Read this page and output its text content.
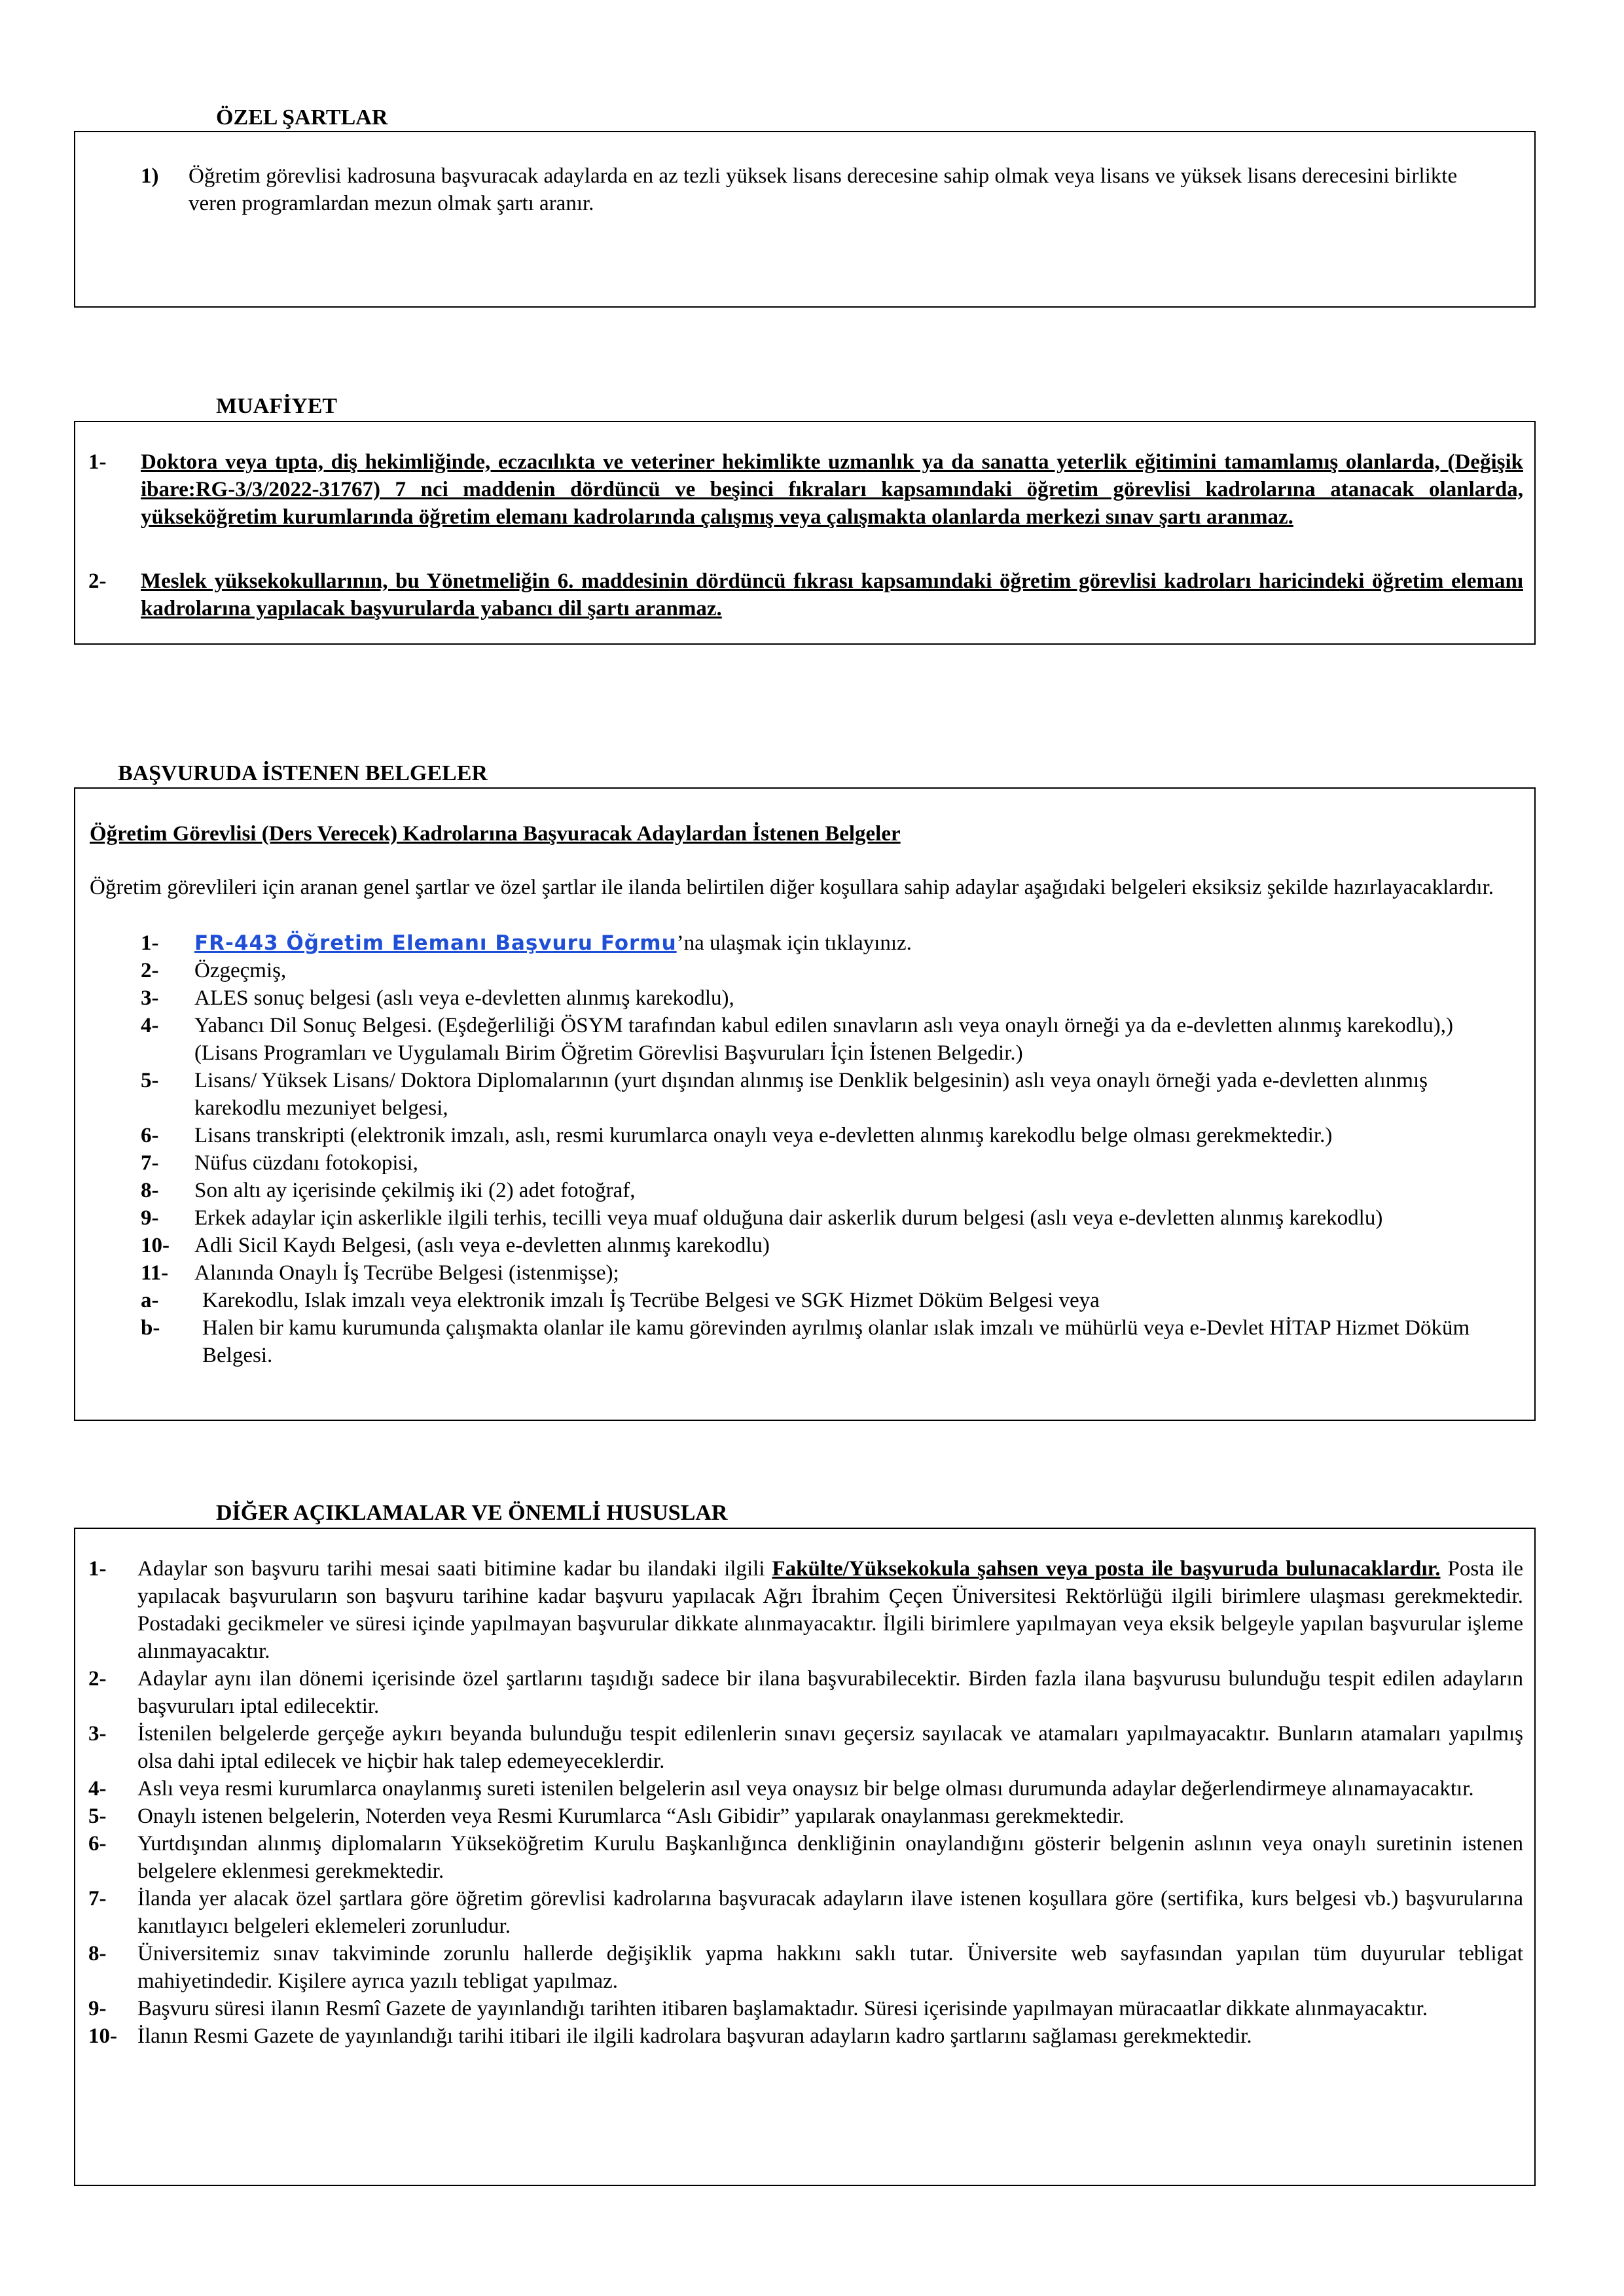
ÖZEL ŞARTLAR
1)	Öğretim görevlisi kadrosuna başvuracak adaylarda en az tezli yüksek lisans derecesine sahip olmak veya lisans ve yüksek lisans derecesini birlikte veren programlardan mezun olmak şartı aranır.
MUAFİYET
1-	Doktora veya tıpta, diş hekimliğinde, eczacılıkta ve veteriner hekimlikte uzmanlık ya da sanatta yeterlik eğitimini tamamlamış olanlarda, (Değişik ibare:RG-3/3/2022-31767) 7 nci maddenin dördüncü ve beşinci fıkraları kapsamındaki öğretim görevlisi kadrolarına atanacak olanlarda, yükseköğretim kurumlarında öğretim elemanı kadrolarında çalışmış veya çalışmakta olanlarda merkezi sınav şartı aranmaz.
2-	Meslek yüksekokullarının, bu Yönetmeliğin 6. maddesinin dördüncü fıkrası kapsamındaki öğretim görevlisi kadroları haricindeki öğretim elemanı kadrolarına yapılacak başvurularda yabancı dil şartı aranmaz.
BAŞVURUDA İSTENEN BELGELER
Öğretim Görevlisi (Ders Verecek) Kadrolarına Başvuracak Adaylardan İstenen Belgeler
Öğretim görevlileri için aranan genel şartlar ve özel şartlar ile ilanda belirtilen diğer koşullara sahip adaylar aşağıdaki belgeleri eksiksiz şekilde hazırlayacaklardır.
1-	FR-443 Öğretim Elemanı Başvuru Formu’na ulaşmak için tıklayınız.
2-	Özgeçmiş,
3-	ALES sonuç belgesi (aslı veya e-devletten alınmış karekodlu),
4-	Yabancı Dil Sonuç Belgesi. (Eşdeğerliliği ÖSYM tarafından kabul edilen sınavların aslı veya onaylı örneği ya da e-devletten alınmış karekodlu),) (Lisans Programları ve Uygulamalı Birim Öğretim Görevlisi Başvuruları İçin İstenen Belgedir.)
5-	Lisans/ Yüksek Lisans/ Doktora Diplomalarının (yurt dışından alınmış ise Denklik belgesinin) aslı veya onaylı örneği yada e-devletten alınmış karekodlu mezuniyet belgesi,
6-	Lisans transkripti (elektronik imzalı, aslı, resmi kurumlarca onaylı veya e-devletten alınmış karekodlu belge olması gerekmektedir.)
7-	Nüfus cüzdanı fotokopisi,
8-	Son altı ay içerisinde çekilmiş iki (2) adet fotoğraf,
9-	Erkek adaylar için askerlikle ilgili terhis, tecilli veya muaf olduğuna dair askerlik durum belgesi (aslı veya e-devletten alınmış karekodlu)
10-	Adli Sicil Kaydı Belgesi, (aslı veya e-devletten alınmış karekodlu)
11-	Alanında Onaylı İş Tecrübe Belgesi (istenmişse);
a-	Karekodlu, Islak imzalı veya elektronik imzalı İş Tecrübe Belgesi ve SGK Hizmet Döküm Belgesi veya
b-	Halen bir kamu kurumunda çalışmakta olanlar ile kamu görevinden ayrılmış olanlar ıslak imzalı ve mühürlü veya e-Devlet HİTAP Hizmet Döküm Belgesi.
DİĞER AÇIKLAMALAR VE ÖNEMLİ HUSUSLAR
1-	Adaylar son başvuru tarihi mesai saati bitimine kadar bu ilandaki ilgili Fakülte/Yüksekokula şahsen veya posta ile başvuruda bulunacaklardır. Posta ile yapılacak başvuruların son başvuru tarihine kadar başvuru yapılacak Ağrı İbrahim Çeçen Üniversitesi Rektörlüğü ilgili birimlere ulaşması gerekmektedir. Postadaki gecikmeler ve süresi içinde yapılmayan başvurular dikkate alınmayacaktır. İlgili birimlere yapılmayan veya eksik belgeyle yapılan başvurular işleme alınmayacaktır.
2-	Adaylar aynı ilan dönemi içerisinde özel şartlarını taşıdığı sadece bir ilana başvurabilecektir. Birden fazla ilana başvurusu bulunduğu tespit edilen adayların başvuruları iptal edilecektir.
3-	İstenilen belgelerde gerçeğe aykırı beyanda bulunduğu tespit edilenlerin sınavı geçersiz sayılacak ve atamaları yapılmayacaktır. Bunların atamaları yapılmış olsa dahi iptal edilecek ve hiçbir hak talep edemeyeceklerdir.
4-	Aslı veya resmi kurumlarca onaylanmış sureti istenilen belgelerin asıl veya onaysız bir belge olması durumunda adaylar değerlendirmeye alınamayacaktır.
5-	Onaylı istenen belgelerin, Noterden veya Resmi Kurumlarca “Aslı Gibidir” yapılarak onaylanması gerekmektedir.
6-	Yurtdışından alınmış diplomaların Yükseköğretim Kurulu Başkanlığınca denkliğinin onaylandığını gösterir belgenin aslının veya onaylı suretinin istenen belgelere eklenmesi gerekmektedir.
7-	İlanda yer alacak özel şartlara göre öğretim görevlisi kadrolarına başvuracak adayların ilave istenen koşullara göre (sertifika, kurs belgesi vb.) başvurularına kanıtlayıcı belgeleri eklemeleri zorunludur.
8-	Üniversitemiz sınav takviminde zorunlu hallerde değişiklik yapma hakkını saklı tutar. Üniversite web sayfasından yapılan tüm duyurular tebligat mahiyetindedir. Kişilere ayrıca yazılı tebligat yapılmaz.
9-	Başvuru süresi ilanın Resmî Gazete de yayınlandığı tarihten itibaren başlamaktadır. Süresi içerisinde yapılmayan müracaatlar dikkate alınmayacaktır.
10- İlanın Resmi Gazete de yayınlandığı tarihi itibari ile ilgili kadrolara başvuran adayların kadro şartlarını sağlaması gerekmektedir.
